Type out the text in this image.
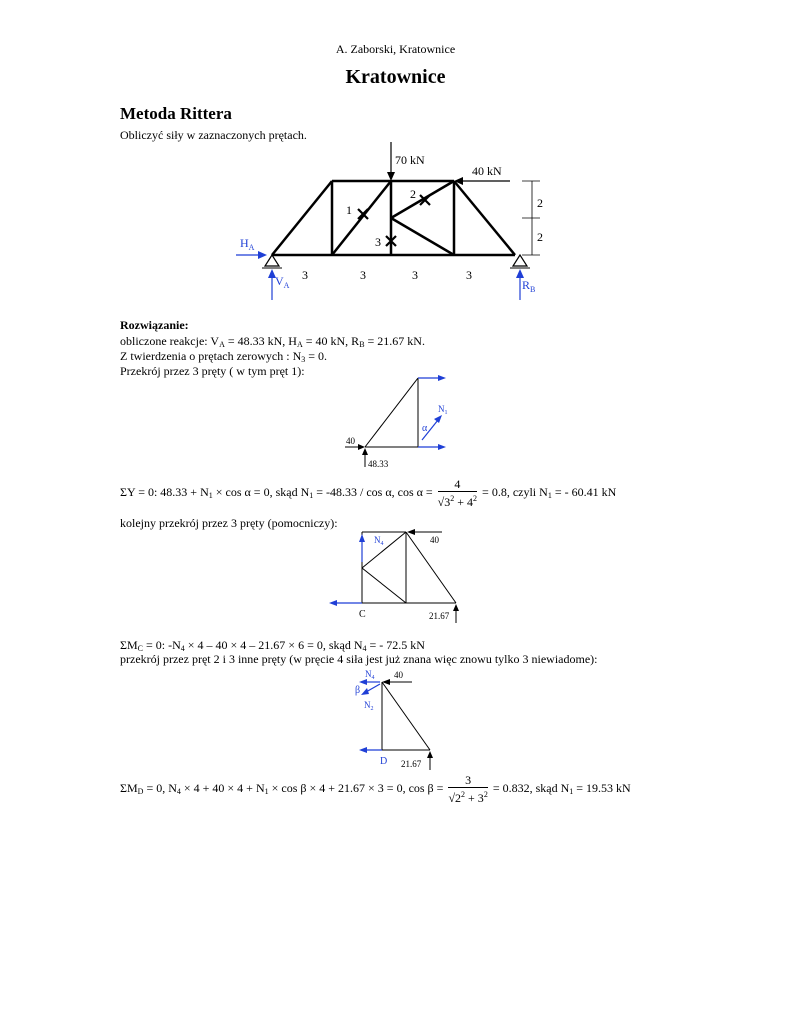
A. Zaborski, Kratownice
Kratownice
Metoda Rittera
Obliczyć siły w zaznaczonych prętach.
1
2
3
70 kN
40 kN
2
2
3	3	3	3
$H_A$
$V_A$	$R_B$
Rozwiązanie:
obliczone reakcje: $V_A = 48.33$ kN, $H_A = 40$ kN, $R_B = 21.67$ kN.
Z twierdzenia o prętach zerowych : $N_3 = 0$.
Przekrój przez 3 pręty ( w tym pręt 1):
40
48.33
$N_1$
α
ΣY = 0: $48.33 + N_1 \times \cos \alpha = 0$, skąd $N_1 = -48.33 / \cos \alpha$, $\cos \alpha = \frac{4}{√3^2 + 4^2} = 0.8$, czyli $N_1$ = - 60.41 kN
kolejny przekrój przez 3 pręty (pomocniczy):
$N_4$	40
C	21.67
$\Sigma M_C = 0$: $-N_4 \times 4 - 40 \times 4 - 21.67 \times 6 = 0$, skąd $N_4$ = - 72.5 kN
przekrój przez pręt 2 i 3 inne pręty (w pręcie 4 siła jest już znana więc znowu tylko 3 niewiadome):
$N_4$ 40
β
$N_2$
D 21.67
$\Sigma M_D = 0$, $N_4 \times 4 + 40 \times 4 + N_1 \times \cos \beta \times 4 + 21.67 \times 3 = 0$, $\cos \beta = \frac{3}{√2^2 + 3^2} = 0.832$, skąd $N_1 = 19.53$ kN
